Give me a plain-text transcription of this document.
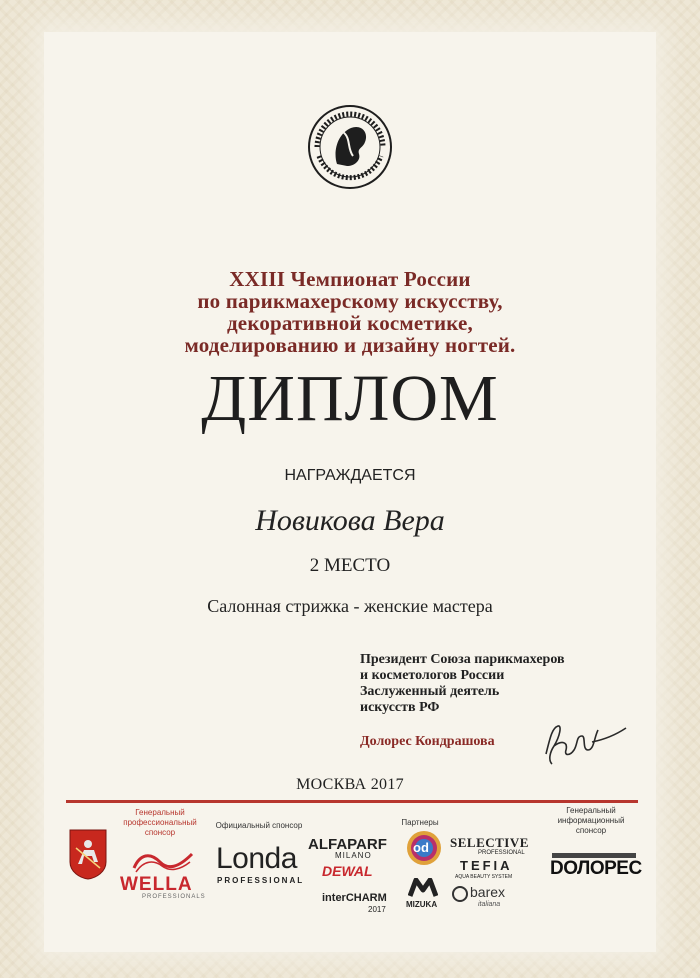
XXIII Чемпионат России
по парикмахерскому искусству,
декоративной косметике,
моделированию и дизайну ногтей.
ДИПЛОМ
НАГРАЖДАЕТСЯ
Новикова Вера
2 МЕСТО
Салонная стрижка - женские мастера
Президент Союза парикмахеров
и косметологов России
Заслуженный деятель
искусств РФ
Долорес Кондрашова
МОСКВА 2017
Генеральный профессиональный спонсор
Официальный спонсор	Партнеры
Генеральный информационный спонсор
WELLA
PROFESSIONALS
Londa
PROFESSIONAL
ALFAPARF
MILANO
DEWAL
interCHARM
2017
od
MIZUKA
SELECTIVE
PROFESSIONAL
TEFIA
AQUA BEAUTY SYSTEM
barex
italiana
DОЛОРЕС
